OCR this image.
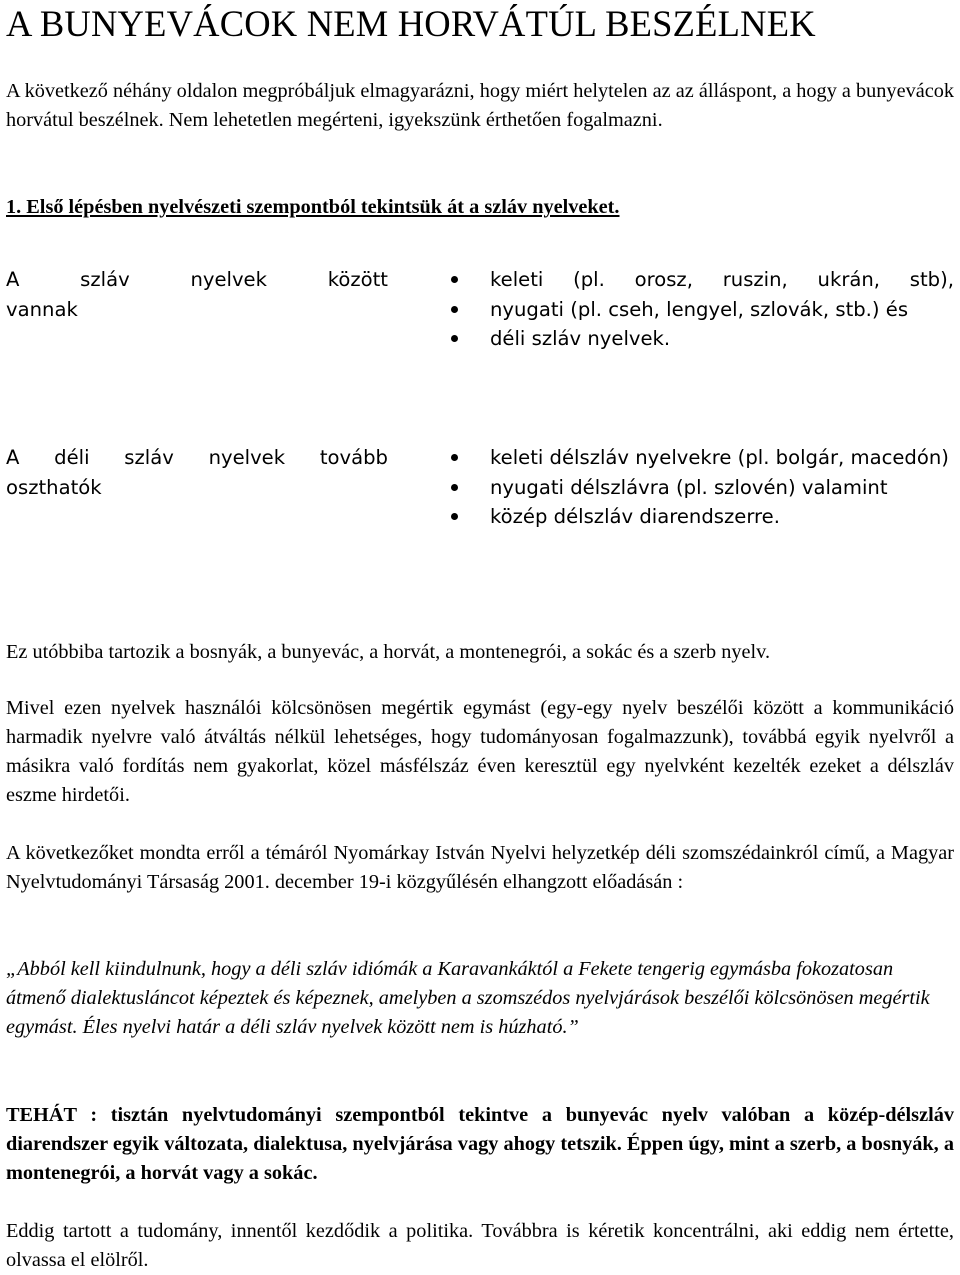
A BUNYEVÁCOK NEM HORVÁTÚL BESZÉLNEK

A következő néhány oldalon megpróbáljuk elmagyarázni, hogy miért helytelen az az álláspont, a hogy a bunyevácok horvátul beszélnek. Nem lehetetlen megérteni, igyekszünk érthetően fogalmazni.

1. Első lépésben nyelvészeti szempontból tekintsük át a szláv nyelveket.

A szláv nyelvek között
vannak
keleti (pl. orosz, ruszin, ukrán, stb),
nyugati (pl. cseh, lengyel, szlovák, stb.) és
déli szláv nyelvek.
A déli szláv nyelvek tovább
oszthatók
keleti délszláv nyelvekre (pl. bolgár, macedón)
nyugati délszlávra (pl. szlovén) valamint
közép délszláv diarendszerre.

Ez utóbbiba tartozik a bosnyák, a bunyevác, a horvát, a montenegrói, a sokác és a szerb nyelv.

Mivel ezen nyelvek használói kölcsönösen megértik egymást (egy-egy nyelv beszélői között a kommunikáció harmadik nyelvre való átváltás nélkül lehetséges, hogy tudományosan fogalmazzunk), továbbá egyik nyelvről a másikra való fordítás nem gyakorlat, közel másfélszáz éven keresztül egy nyelvként kezelték ezeket a délszláv eszme hirdetői.

A következőket mondta erről a témáról Nyomárkay István Nyelvi helyzetkép déli szomszédainkról című, a Magyar Nyelvtudományi Társaság 2001. december 19-i közgyűlésén elhangzott előadásán :

„Abból kell kiindulnunk, hogy a déli szláv idiómák a Karavankáktól a Fekete tengerig egymásba fokozatosan átmenő dialektusláncot képeztek és képeznek, amelyben a szomszédos nyelvjárások beszélői kölcsönösen megértik egymást. Éles nyelvi határ a déli szláv nyelvek között nem is húzható.”

TEHÁT : tisztán nyelvtudományi szempontból tekintve a bunyevác nyelv valóban a közép-délszláv diarendszer egyik változata, dialektusa, nyelvjárása vagy ahogy tetszik. Éppen úgy, mint a szerb, a bosnyák, a montenegrói, a horvát vagy a sokác.

Eddig tartott a tudomány, innentől kezdődik a politika. Továbbra is kéretik koncentrálni, aki eddig nem értette, olvassa el elölről.
